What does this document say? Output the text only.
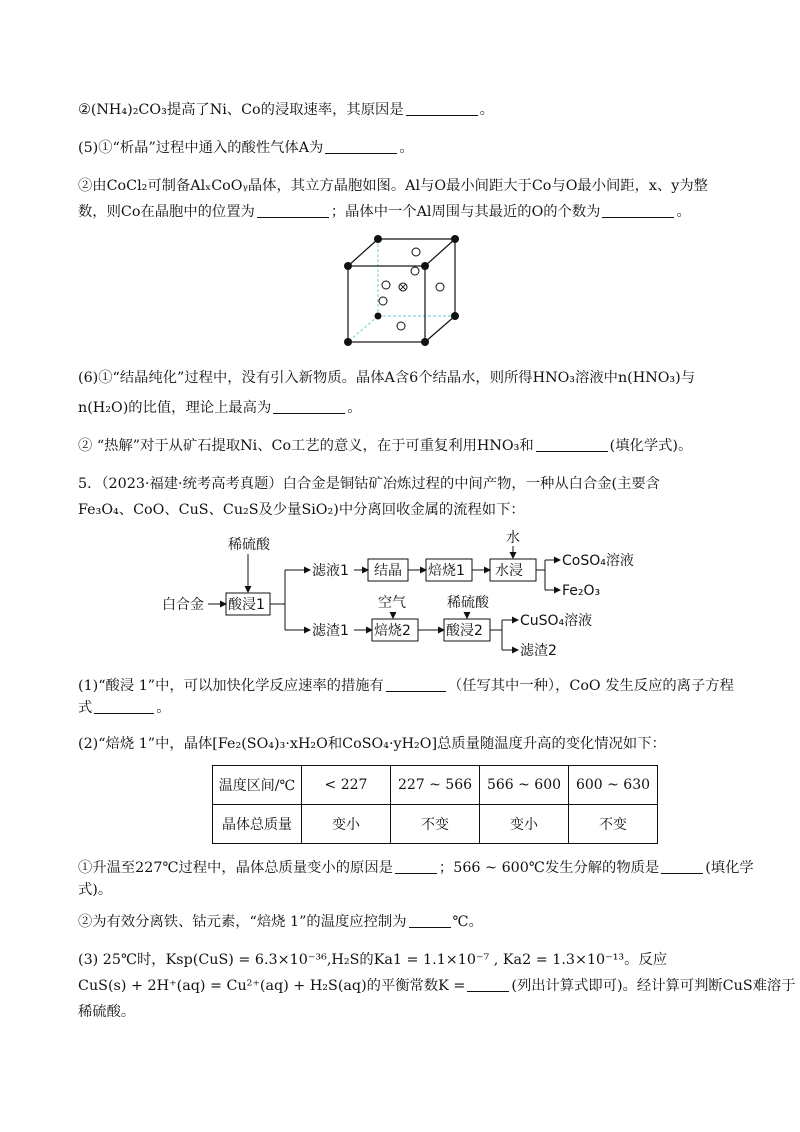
②(NH₄)₂CO₃提高了Ni、Co的浸取速率，其原因是	。
(5)①“析晶”过程中通入的酸性气体A为	。
②由CoCl₂可制备AlₓCoOᵧ晶体，其立方晶胞如图。Al与O最小间距大于Co与O最小间距，x、y为整
数，则Co在晶胞中的位置为	；晶体中一个Al周围与其最近的O的个数为	。
(6)①“结晶纯化”过程中，没有引入新物质。晶体A含6个结晶水，则所得HNO₃溶液中n(HNO₃)与
n(H₂O)的比值，理论上最高为	。
② “热解”对于从矿石提取Ni、Co工艺的意义，在于可重复利用HNO₃和	(填化学式)。
5．（2023·福建·统考高考真题）白合金是铜钴矿冶炼过程的中间产物，一种从白合金(主要含
Fe₃O₄、CoO、CuS、Cu₂S及少量SiO₂)中分离回收金属的流程如下：
白合金
稀硫酸
酸浸1
滤液1 结晶 焙烧1
水
水浸
CoSO₄溶液
Fe₂O₃
滤渣1
空气
焙烧2
稀硫酸
酸浸2
CuSO₄溶液
滤渣2
(1)“酸浸 1”中，可以加快化学反应速率的措施有	（任写其中一种），CoO 发生反应的离子方程
式	。
(2)“焙烧 1”中，晶体[Fe₂(SO₄)₃·xH₂O和CoSO₄·yH₂O]总质量随温度升高的变化情况如下：
温度区间/℃	< 227	227 ~ 566	566 ~ 600	600 ~ 630
晶体总质量	变小	不变	变小	不变
①升温至227℃过程中，晶体总质量变小的原因是	；566 ~ 600℃发生分解的物质是	(填化学
式)。
②为有效分离铁、钴元素，“焙烧 1”的温度应控制为	℃。
(3) 25℃时，Ksp(CuS) = 6.3×10⁻³⁶,H₂S的Ka1 = 1.1×10⁻⁷ , Ka2 = 1.3×10⁻¹³。反应
CuS(s) + 2H⁺(aq) = Cu²⁺(aq) + H₂S(aq)的平衡常数K =	(列出计算式即可)。经计算可判断CuS难溶于
稀硫酸。
